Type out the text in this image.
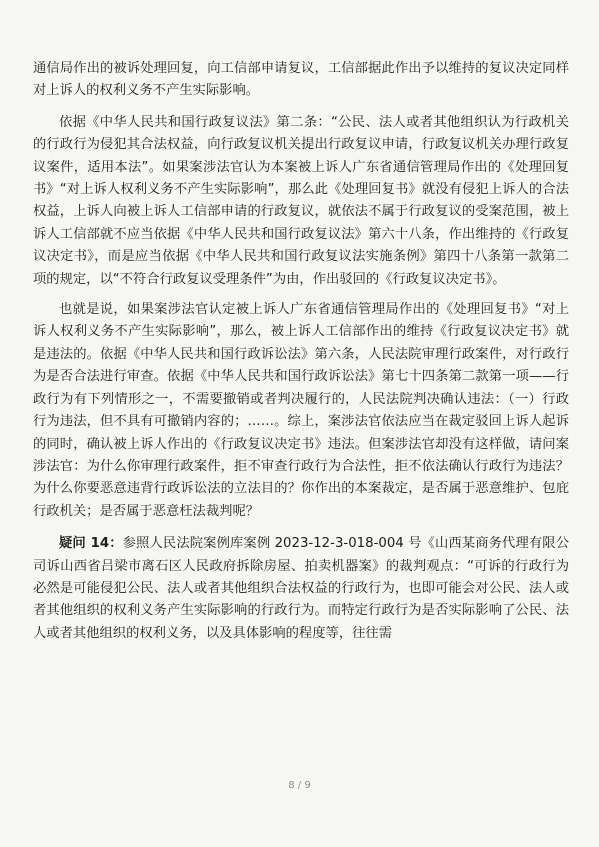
通信局作出的被诉处理回复，向工信部申请复议，工信部据此作出予以维持的复议决定同样对上诉人的权利义务不产生实际影响。

依据《中华人民共和国行政复议法》第二条：“公民、法人或者其他组织认为行政机关的行政行为侵犯其合法权益，向行政复议机关提出行政复议申请，行政复议机关办理行政复议案件，适用本法”。如果案涉法官认为本案被上诉人广东省通信管理局作出的《处理回复书》“对上诉人权利义务不产生实际影响”，那么此《处理回复书》就没有侵犯上诉人的合法权益，上诉人向被上诉人工信部申请的行政复议，就依法不属于行政复议的受案范围，被上诉人工信部就不应当依据《中华人民共和国行政复议法》第六十八条，作出维持的《行政复议决定书》，而是应当依据《中华人民共和国行政复议法实施条例》第四十八条第一款第二项的规定，以“不符合行政复议受理条件”为由，作出驳回的《行政复议决定书》。

也就是说，如果案涉法官认定被上诉人广东省通信管理局作出的《处理回复书》“对上诉人权利义务不产生实际影响”，那么，被上诉人工信部作出的维持《行政复议决定书》就是违法的。依据《中华人民共和国行政诉讼法》第六条，人民法院审理行政案件，对行政行为是否合法进行审查。依据《中华人民共和国行政诉讼法》第七十四条第二款第一项——行政行为有下列情形之一，不需要撤销或者判决履行的，人民法院判决确认违法：（一）行政行为违法，但不具有可撤销内容的；……。综上，案涉法官依法应当在裁定驳回上诉人起诉的同时，确认被上诉人作出的《行政复议决定书》违法。但案涉法官却没有这样做，请问案涉法官：为什么你审理行政案件，拒不审查行政行为合法性，拒不依法确认行政行为违法？为什么你要恶意违背行政诉讼法的立法目的？你作出的本案裁定，是否属于恶意维护、包庇行政机关；是否属于恶意枉法裁判呢？

疑问 14：参照人民法院案例库案例 2023-12-3-018-004 号《山西某商务代理有限公司诉山西省吕梁市离石区人民政府拆除房屋、拍卖机器案》的裁判观点：“可诉的行政行为必然是可能侵犯公民、法人或者其他组织合法权益的行政行为，也即可能会对公民、法人或者其他组织的权利义务产生实际影响的行政行为。而特定行政行为是否实际影响了公民、法人或者其他组织的权利义务，以及具体影响的程度等，往往需

8 / 9
